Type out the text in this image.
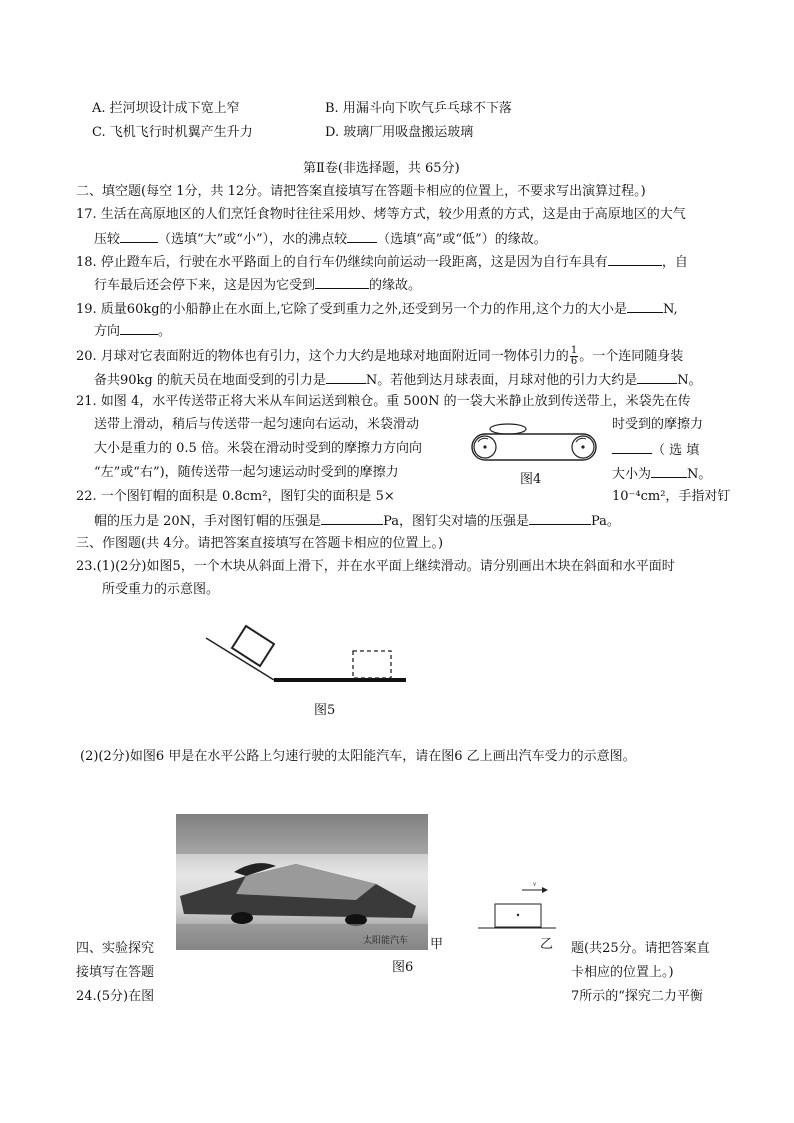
A. 拦河坝设计成下宽上窄	B. 用漏斗向下吹气乒乓球不下落
C. 飞机飞行时机翼产生升力	D. 玻璃厂用吸盘搬运玻璃
第Ⅱ卷(非选择题，共 65分)
二、填空题(每空 1分，共 12分。请把答案直接填写在答题卡相应的位置上，不要求写出演算过程。)
17. 生活在高原地区的人们烹饪食物时往往采用炒、烤等方式，较少用煮的方式，这是由于高原地区的大气
压较	（选填“大”或“小”），水的沸点较 （选填“高”或“低”）的缘故。
18. 停止蹬车后，行驶在水平路面上的自行车仍继续向前运动一段距离，这是因为自行车具有	，自
行车最后还会停下来，这是因为它受到	的缘故。
19. 质量60kg的小船静止在水面上,它除了受到重力之外,还受到另一个力的作用,这个力的大小是	N,
方向	。
20. 月球对它表面附近的物体也有引力，这个力大约是地球对地面附近同一物体引力的 $\frac{1}{6}$ 。一个连同随身装
备共90kg 的航天员在地面受到的引力是	N。若他到达月球表面，月球对他的引力大约是	N。
21. 如图 4，水平传送带正将大米从车间运送到粮仓。重 500N 的一袋大米静止放到传送带上，米袋先在传
送带上滑动，稍后与传送带一起匀速向右运动，米袋滑动	时受到的摩擦力
大小是重力的 0.5 倍。米袋在滑动时受到的摩擦力方向向	（ 选 填
“左”或“右”)，随传送带一起匀速运动时受到的摩擦力	大小为	N。
图4
22. 一个图钉帽的面积是 0.8cm²，图钉尖的面积是 5×	10⁻⁴cm²，手指对钉
帽的压力是 20N，手对图钉帽的压强是	Pa，图钉尖对墙的压强是	Pa。
三、作图题(共 4分。请把答案直接填写在答题卡相应的位置上。)
23.(1)(2分)如图5，一个木块从斜面上滑下，并在水平面上继续滑动。请分别画出木块在斜面和水平面时
所受重力的示意图。
图5
(2)(2分)如图6 甲是在水平公路上匀速行驶的太阳能汽车，请在图6 乙上画出汽车受力的示意图。
太阳能汽车 甲
v
乙
图6
四、实验探究	题(共25分。请把答案直
接填写在答题	卡相应的位置上。)
24.(5分)在图	7所示的“探究二力平衡
